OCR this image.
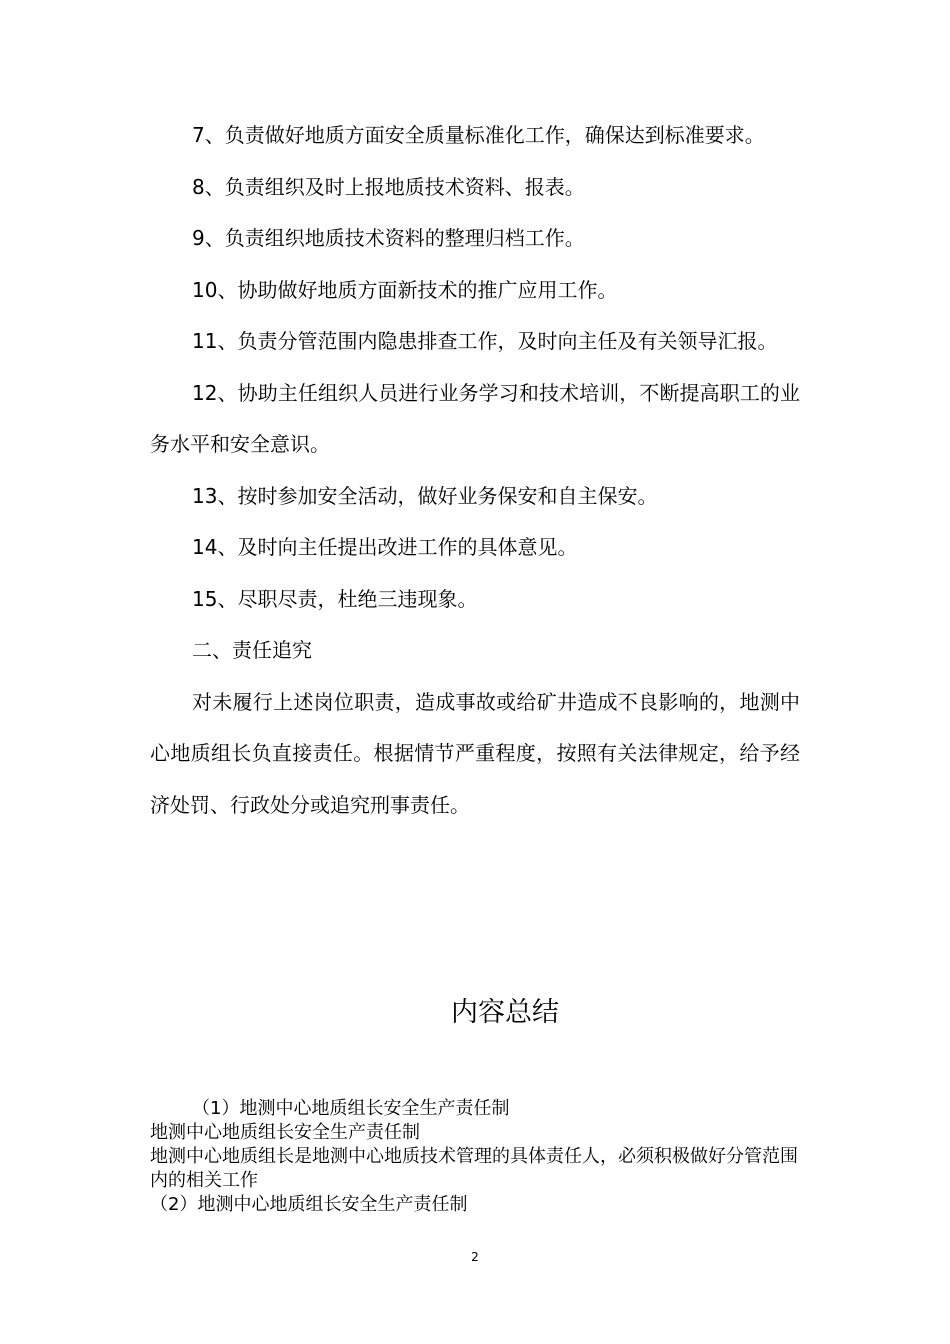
7、负责做好地质方面安全质量标准化工作，确保达到标准要求。

8、负责组织及时上报地质技术资料、报表。

9、负责组织地质技术资料的整理归档工作。

10、协助做好地质方面新技术的推广应用工作。

11、负责分管范围内隐患排查工作，及时向主任及有关领导汇报。

12、协助主任组织人员进行业务学习和技术培训，不断提高职工的业务水平和安全意识。

13、按时参加安全活动，做好业务保安和自主保安。

14、及时向主任提出改进工作的具体意见。

15、尽职尽责，杜绝三违现象。

二、责任追究

对未履行上述岗位职责，造成事故或给矿井造成不良影响的，地测中心地质组长负直接责任。根据情节严重程度，按照有关法律规定，给予经济处罚、行政处分或追究刑事责任。

内容总结

（1）地测中心地质组长安全生产责任制

地测中心地质组长安全生产责任制

地测中心地质组长是地测中心地质技术管理的具体责任人，必须积极做好分管范围内的相关工作

（2）地测中心地质组长安全生产责任制

2
